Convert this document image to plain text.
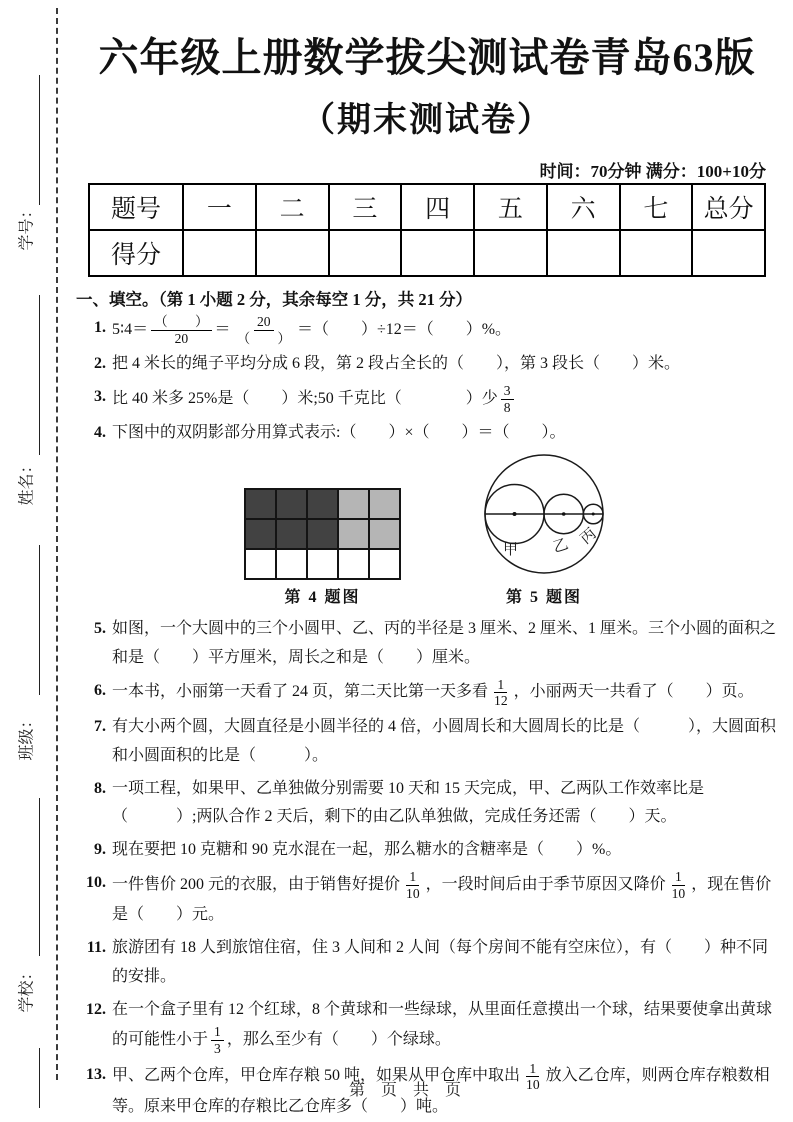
学号：
姓名：
班级：
学校：
六年级上册数学拔尖测试卷青岛63版
（期末测试卷）
时间：70分钟 满分：100+10分
题号	一	二	三	四	五	六	七	总分
得分								
一、填空。（第 1 小题 2 分，其余每空 1 分，共 21 分）
1. 5∶4＝ $\frac{( )}{20} = \frac{20}{( )}$ ＝（　　）÷12＝（　　）%。
2. 把 4 米长的绳子平均分成 6 段，第 2 段占全长的（　　），第 3 段长（　　）米。
3. 比 40 米多 25%是（　　）米;50 千克比（　　　　）少 $\frac{3}{8}$
4. 下图中的双阴影部分用算式表示:（　　）×（　　）＝（　　）。

第 4 题图
甲 乙 丙
第 5 题图
5. 如图，一个大圆中的三个小圆甲、乙、丙的半径是 3 厘米、2 厘米、1 厘米。三个小圆的面积之和是（　　）平方厘米，周长之和是（　　）厘米。
6. 一本书，小丽第一天看了 24 页，第二天比第一天多看 $\frac{1}{12}$ ，小丽两天一共看了（　　）页。
7. 有大小两个圆，大圆直径是小圆半径的 4 倍，小圆周长和大圆周长的比是（　　　），大圆面积和小圆面积的比是（　　　）。
8. 一项工程，如果甲、乙单独做分别需要 10 天和 15 天完成，甲、乙两队工作效率比是（　　　）;两队合作 2 天后，剩下的由乙队单独做，完成任务还需（　　）天。
9. 现在要把 10 克糖和 90 克水混在一起，那么糖水的含糖率是（　　）%。
10. 一件售价 200 元的衣服，由于销售好提价 $\frac{1}{10}$ ，一段时间后由于季节原因又降价 $\frac{1}{10}$ ，现在售价是（　　）元。
11. 旅游团有 18 人到旅馆住宿，住 3 人间和 2 人间（每个房间不能有空床位），有（　　）种不同的安排。
12. 在一个盒子里有 12 个红球，8 个黄球和一些绿球，从里面任意摸出一个球，结果要使拿出黄球的可能性小于 $\frac{1}{3}$ ，那么至少有（　　）个绿球。
13. 甲、乙两个仓库，甲仓库存粮 50 吨，如果从甲仓库中取出 $\frac{1}{10}$ 放入乙仓库，则两仓库存粮数相等。原来甲仓库的存粮比乙仓库多（　　）吨。
第 页 共 页
